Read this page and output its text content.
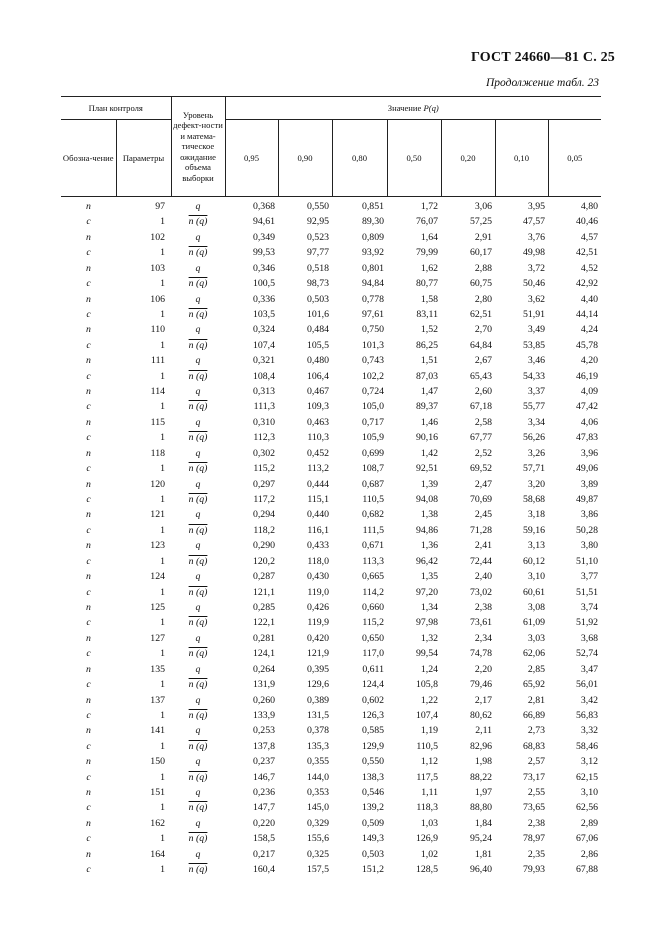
ГОСТ 24660—81 С. 25
Продолжение табл. 23
План контроля		Уровень дефект-ности и матема-тическое ожидание объема выборки	Значение P(q)						
Обозна-чение	Параметры		0,95	0,90	0,80	0,50	0,20	0,10	0,05
n	97	q	0,368	0,550	0,851	1,72	3,06	3,95	4,80
c	1	n (q)	94,61	92,95	89,30	76,07	57,25	47,57	40,46
n	102	q	0,349	0,523	0,809	1,64	2,91	3,76	4,57
c	1	n (q)	99,53	97,77	93,92	79,99	60,17	49,98	42,51
n	103	q	0,346	0,518	0,801	1,62	2,88	3,72	4,52
c	1	n (q)	100,5	98,73	94,84	80,77	60,75	50,46	42,92
n	106	q	0,336	0,503	0,778	1,58	2,80	3,62	4,40
c	1	n (q)	103,5	101,6	97,61	83,11	62,51	51,91	44,14
n	110	q	0,324	0,484	0,750	1,52	2,70	3,49	4,24
c	1	n (q)	107,4	105,5	101,3	86,25	64,84	53,85	45,78
n	111	q	0,321	0,480	0,743	1,51	2,67	3,46	4,20
c	1	n (q)	108,4	106,4	102,2	87,03	65,43	54,33	46,19
n	114	q	0,313	0,467	0,724	1,47	2,60	3,37	4,09
c	1	n (q)	111,3	109,3	105,0	89,37	67,18	55,77	47,42
n	115	q	0,310	0,463	0,717	1,46	2,58	3,34	4,06
c	1	n (q)	112,3	110,3	105,9	90,16	67,77	56,26	47,83
n	118	q	0,302	0,452	0,699	1,42	2,52	3,26	3,96
c	1	n (q)	115,2	113,2	108,7	92,51	69,52	57,71	49,06
n	120	q	0,297	0,444	0,687	1,39	2,47	3,20	3,89
c	1	n (q)	117,2	115,1	110,5	94,08	70,69	58,68	49,87
n	121	q	0,294	0,440	0,682	1,38	2,45	3,18	3,86
c	1	n (q)	118,2	116,1	111,5	94,86	71,28	59,16	50,28
n	123	q	0,290	0,433	0,671	1,36	2,41	3,13	3,80
c	1	n (q)	120,2	118,0	113,3	96,42	72,44	60,12	51,10
n	124	q	0,287	0,430	0,665	1,35	2,40	3,10	3,77
c	1	n (q)	121,1	119,0	114,2	97,20	73,02	60,61	51,51
n	125	q	0,285	0,426	0,660	1,34	2,38	3,08	3,74
c	1	n (q)	122,1	119,9	115,2	97,98	73,61	61,09	51,92
n	127	q	0,281	0,420	0,650	1,32	2,34	3,03	3,68
c	1	n (q)	124,1	121,9	117,0	99,54	74,78	62,06	52,74
n	135	q	0,264	0,395	0,611	1,24	2,20	2,85	3,47
c	1	n (q)	131,9	129,6	124,4	105,8	79,46	65,92	56,01
n	137	q	0,260	0,389	0,602	1,22	2,17	2,81	3,42
c	1	n (q)	133,9	131,5	126,3	107,4	80,62	66,89	56,83
n	141	q	0,253	0,378	0,585	1,19	2,11	2,73	3,32
c	1	n (q)	137,8	135,3	129,9	110,5	82,96	68,83	58,46
n	150	q	0,237	0,355	0,550	1,12	1,98	2,57	3,12
c	1	n (q)	146,7	144,0	138,3	117,5	88,22	73,17	62,15
n	151	q	0,236	0,353	0,546	1,11	1,97	2,55	3,10
c	1	n (q)	147,7	145,0	139,2	118,3	88,80	73,65	62,56
n	162	q	0,220	0,329	0,509	1,03	1,84	2,38	2,89
c	1	n (q)	158,5	155,6	149,3	126,9	95,24	78,97	67,06
n	164	q	0,217	0,325	0,503	1,02	1,81	2,35	2,86
c	1	n (q)	160,4	157,5	151,2	128,5	96,40	79,93	67,88
